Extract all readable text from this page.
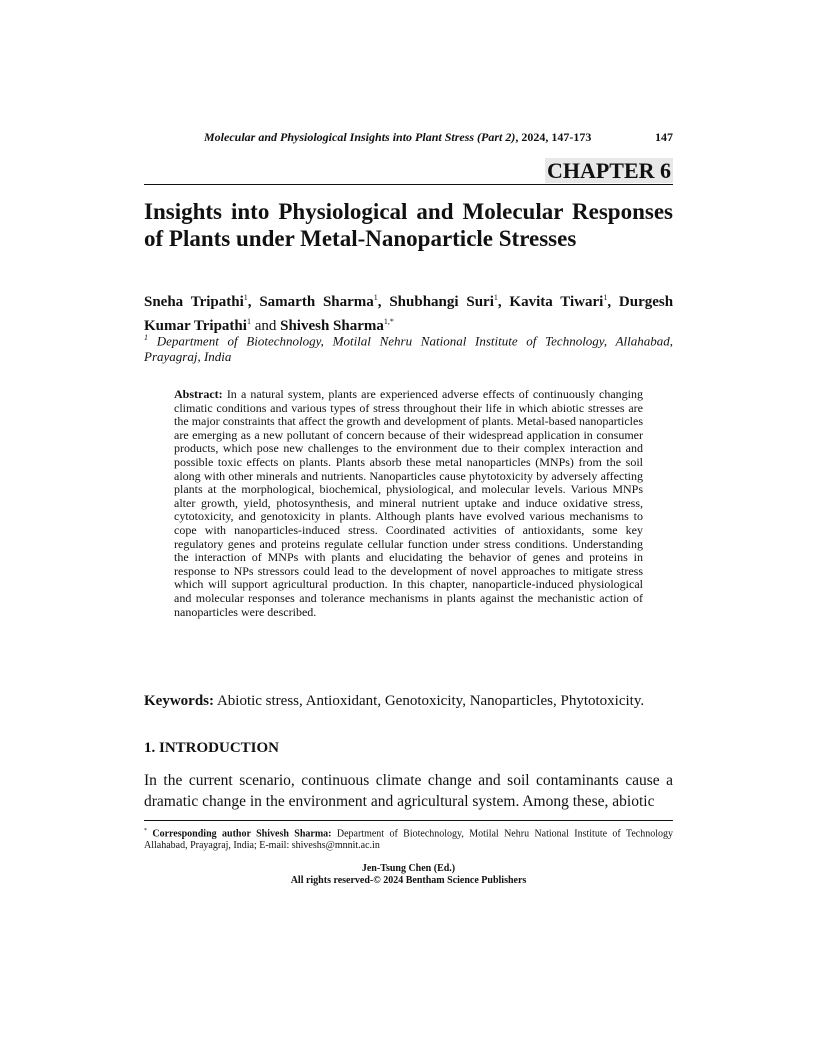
Molecular and Physiological Insights into Plant Stress (Part 2), 2024, 147-173	147
CHAPTER 6
Insights into Physiological and Molecular Responses of Plants under Metal-Nanoparticle Stresses
Sneha Tripathi$^1$, Samarth Sharma$^1$, Shubhangi Suri$^1$, Kavita Tiwari$^1$, Durgesh Kumar Tripathi$^1$ and Shivesh Sharma$^{1,*}$
$^1$ Department of Biotechnology, Motilal Nehru National Institute of Technology, Allahabad, Prayagraj, India
Abstract: In a natural system, plants are experienced adverse effects of continuously changing climatic conditions and various types of stress throughout their life in which abiotic stresses are the major constraints that affect the growth and development of plants. Metal-based nanoparticles are emerging as a new pollutant of concern because of their widespread application in consumer products, which pose new challenges to the environment due to their complex interaction and possible toxic effects on plants. Plants absorb these metal nanoparticles (MNPs) from the soil along with other minerals and nutrients. Nanoparticles cause phytotoxicity by adversely affecting plants at the morphological, biochemical, physiological, and molecular levels. Various MNPs alter growth, yield, photosynthesis, and mineral nutrient uptake and induce oxidative stress, cytotoxicity, and genotoxicity in plants. Although plants have evolved various mechanisms to cope with nanoparticles-induced stress. Coordinated activities of antioxidants, some key regulatory genes and proteins regulate cellular function under stress conditions. Understanding the interaction of MNPs with plants and elucidating the behavior of genes and proteins in response to NPs stressors could lead to the development of novel approaches to mitigate stress which will support agricultural production. In this chapter, nanoparticle-induced physiological and molecular responses and tolerance mechanisms in plants against the mechanistic action of nanoparticles were described.
Keywords: Abiotic stress, Antioxidant, Genotoxicity, Nanoparticles, Phytotoxicity.
1. INTRODUCTION
In the current scenario, continuous climate change and soil contaminants cause a dramatic change in the environment and agricultural system. Among these, abiotic
* Corresponding author Shivesh Sharma: Department of Biotechnology, Motilal Nehru National Institute of Technology Allahabad, Prayagraj, India; E-mail: shiveshs@mnnit.ac.in
Jen-Tsung Chen (Ed.)
All rights reserved-© 2024 Bentham Science Publishers
